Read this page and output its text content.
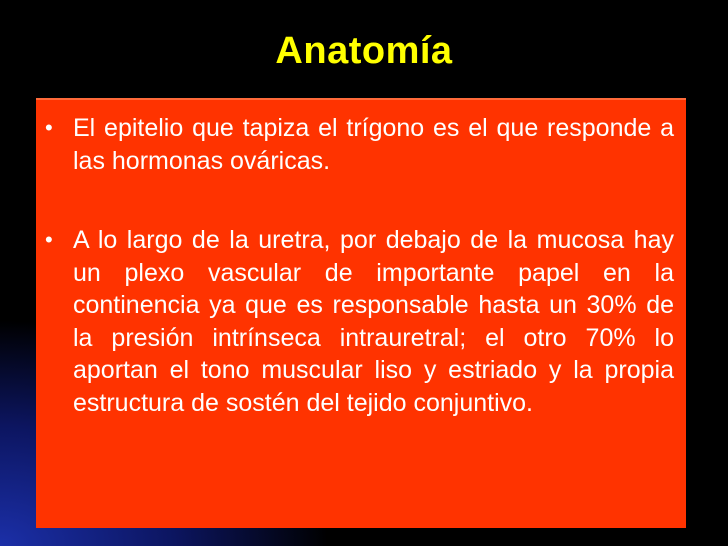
Anatomía
• El epitelio que tapiza el trígono es el que responde a las hormonas ováricas.
• A lo largo de la uretra, por debajo de la mucosa hay un plexo vascular de importante papel en la continencia ya que es responsable hasta un 30% de la presión intrínseca intrauretral; el otro 70% lo aportan el tono muscular liso y estriado y la propia estructura de sostén del tejido conjuntivo.
